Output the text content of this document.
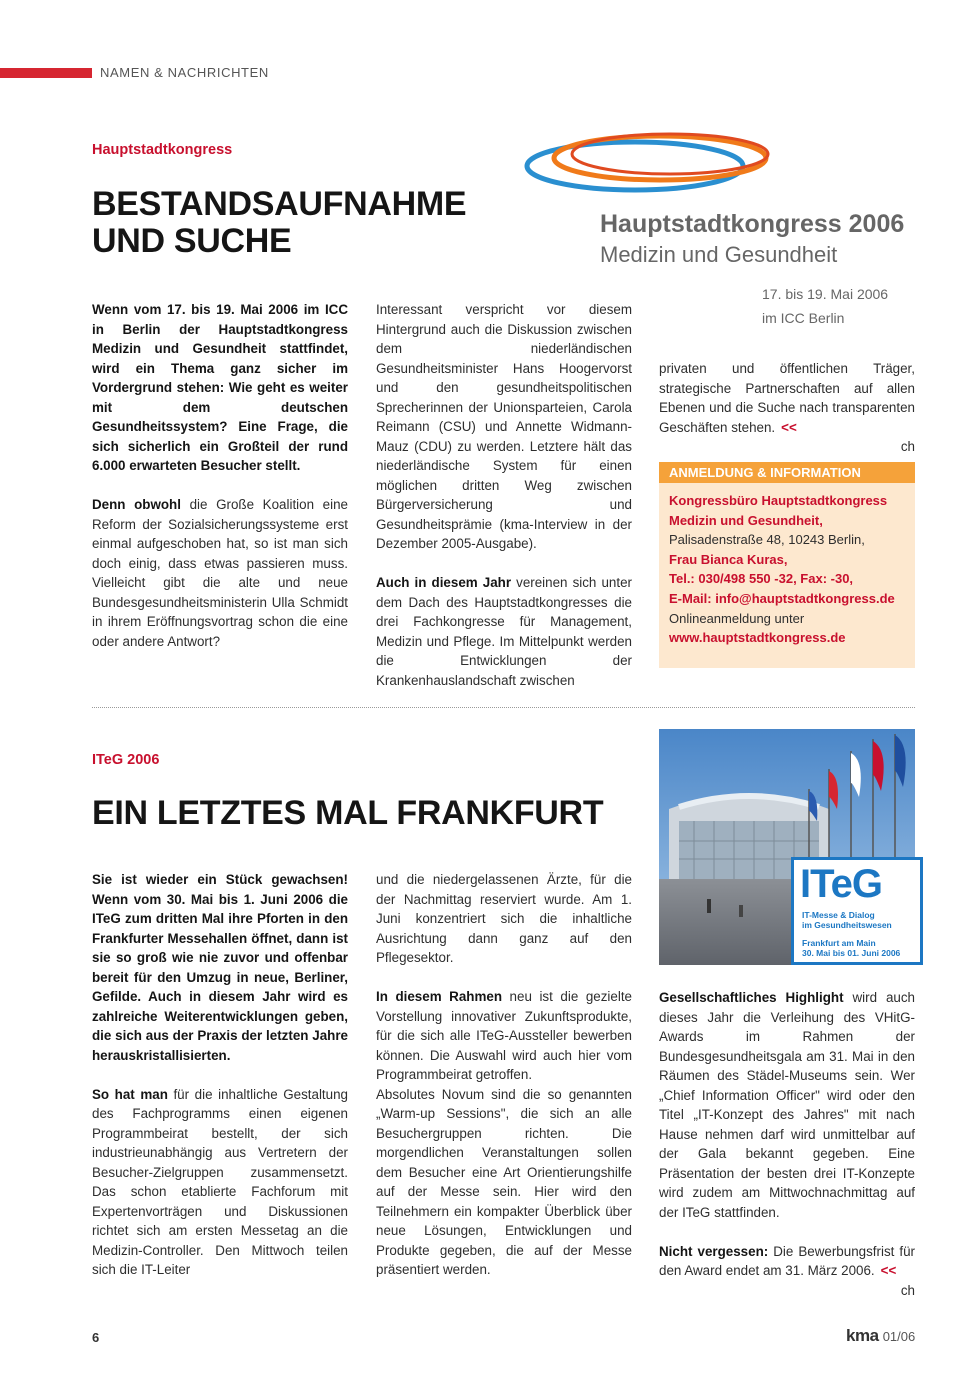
NAMEN & NACHRICHTEN
Hauptstadtkongress
BESTANDSAUFNAHME
UND SUCHE	Hauptstadtkongress 2006
Medizin und Gesundheit
17. bis 19. Mai 2006
im ICC Berlin

Wenn vom 17. bis 19. Mai 2006 im ICC in Berlin der Hauptstadtkongress Medizin und Gesundheit stattfindet, wird ein Thema ganz sicher im Vordergrund stehen: Wie geht es weiter mit dem deutschen Gesundheitssystem? Eine Frage, die sich sicherlich ein Großteil der rund 6.000 erwarteten Besucher stellt.

Denn obwohl die Große Koalition eine Reform der Sozialsicherungssysteme erst einmal aufgeschoben hat, so ist man sich doch einig, dass etwas passieren muss. Vielleicht gibt die alte und neue Bundesgesundheitsministerin Ulla Schmidt in ihrem Eröffnungsvortrag schon die eine oder andere Antwort?

Interessant verspricht vor diesem Hintergrund auch die Diskussion zwischen dem niederländischen Gesundheitsminister Hans Hoogervorst und den gesundheitspolitischen Sprecherinnen der Unionsparteien, Carola Reimann (CSU) und Annette Widmann-Mauz (CDU) zu werden. Letztere hält das niederländische System für einen möglichen dritten Weg zwischen Bürgerversicherung und Gesundheitsprämie (kma-Interview in der Dezember 2005-Ausgabe).

Auch in diesem Jahr vereinen sich unter dem Dach des Hauptstadtkongresses die drei Fachkongresse für Management, Medizin und Pflege. Im Mittelpunkt werden die Entwicklungen der Krankenhauslandschaft zwischen

privaten und öffentlichen Träger, strategische Partnerschaften auf allen Ebenen und die Suche nach transparenten Geschäften stehen. <<

ch

ANMELDUNG & INFORMATION
Kongressbüro Hauptstadtkongress
Medizin und Gesundheit,
Palisadenstraße 48, 10243 Berlin,
Frau Bianca Kuras,
Tel.: 030/498 550 -32, Fax: -30,
E-Mail: info@hauptstadtkongress.de
Onlineanmeldung unter
www.hauptstadtkongress.de
ITeG 2006
EIN LETZTES MAL FRANKFURT
ITeG
IT-Messe & Dialog
im Gesundheitswesen
Frankfurt am Main
30. Mai bis 01. Juni 2006

Sie ist wieder ein Stück gewachsen! Wenn vom 30. Mai bis 1. Juni 2006 die ITeG zum dritten Mal ihre Pforten in den Frankfurter Messehallen öffnet, dann ist sie so groß wie nie zuvor und offenbar bereit für den Umzug in neue, Berliner, Gefilde. Auch in diesem Jahr wird es zahlreiche Weiterentwicklungen geben, die sich aus der Praxis der letzten Jahre herauskristallisierten.

So hat man für die inhaltliche Gestaltung des Fachprogramms einen eigenen Programmbeirat bestellt, der sich industrieunabhängig aus Vertretern der Besucher-Zielgruppen zusammensetzt. Das schon etablierte Fachforum mit Expertenvorträgen und Diskussionen richtet sich am ersten Messetag an die Medizin-Controller. Den Mittwoch teilen sich die IT-Leiter

und die niedergelassenen Ärzte, für die der Nachmittag reserviert wurde. Am 1. Juni konzentriert sich die inhaltliche Ausrichtung dann ganz auf den Pflegesektor.

In diesem Rahmen neu ist die gezielte Vorstellung innovativer Zukunftsprodukte, für die sich alle ITeG-Aussteller bewerben können. Die Auswahl wird auch hier vom Programmbeirat getroffen.

Absolutes Novum sind die so genannten „Warm-up Sessions", die sich an alle Besuchergruppen richten. Die morgendlichen Veranstaltungen sollen dem Besucher eine Art Orientierungshilfe auf der Messe sein. Hier wird den Teilnehmern ein kompakter Überblick über neue Lösungen, Entwicklungen und Produkte gegeben, die auf der Messe präsentiert werden.

Gesellschaftliches Highlight wird auch dieses Jahr die Verleihung des VHitG-Awards im Rahmen der Bundesgesundheitsgala am 31. Mai in den Räumen des Städel-Museums sein. Wer „Chief Information Officer" wird oder den Titel „IT-Konzept des Jahres" mit nach Hause nehmen darf wird unmittelbar auf der Gala bekannt gegeben. Eine Präsentation der besten drei IT-Konzepte wird zudem am Mittwochnachmittag auf der ITeG stattfinden.

Nicht vergessen: Die Bewerbungsfrist für den Award endet am 31. März 2006. <<

ch

6	kma 01/06
